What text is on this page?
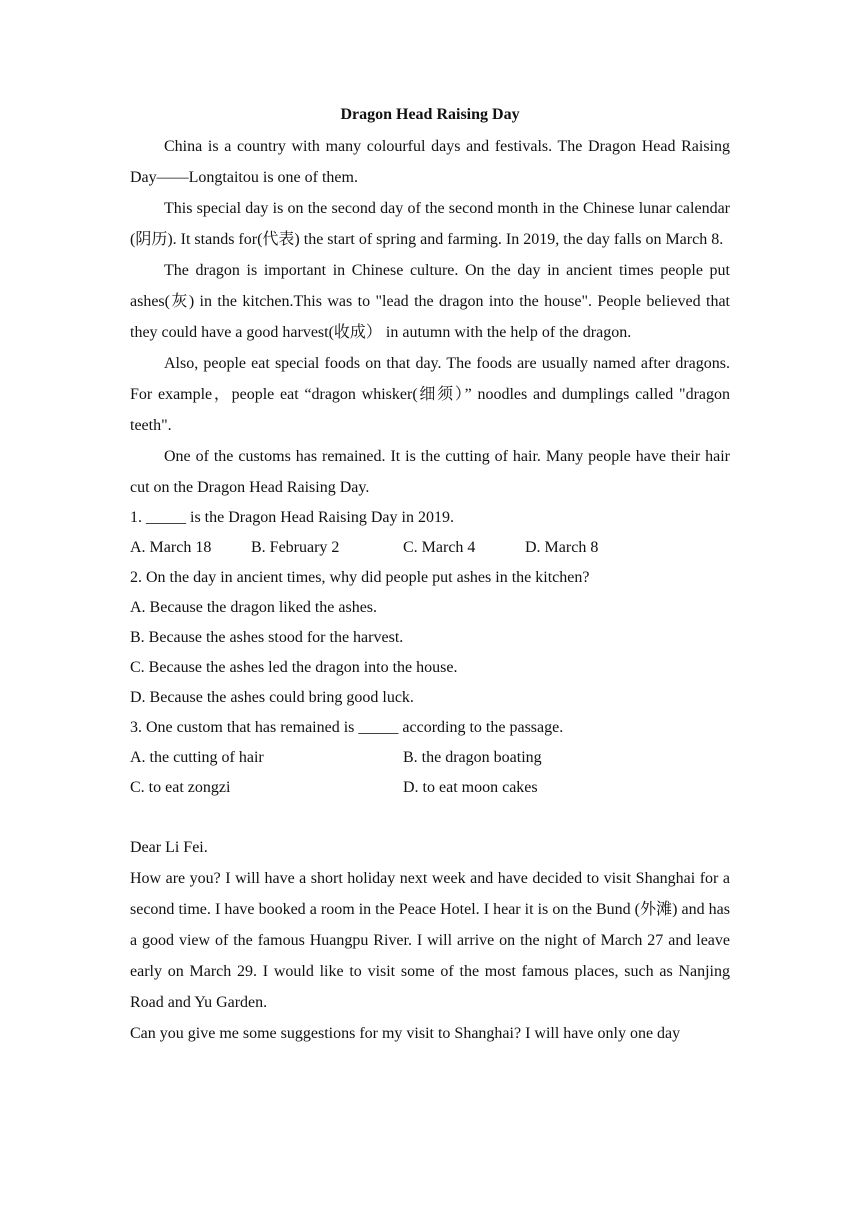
Dragon Head Raising Day

China is a country with many colourful days and festivals. The Dragon Head Raising Day——Longtaitou is one of them.

This special day is on the second day of the second month in the Chinese lunar calendar (阴历). It stands for(代表) the start of spring and farming. In 2019, the day falls on March 8.

The dragon is important in Chinese culture. On the day in ancient times people put ashes(灰) in the kitchen.This was to "lead the dragon into the house". People believed that they could have a good harvest(收成） in autumn with the help of the dragon.

Also, people eat special foods on that day. The foods are usually named after dragons. For example，people eat “dragon whisker(细须）” noodles and dumplings called "dragon teeth".

One of the customs has remained. It is the cutting of hair. Many people have their hair cut on the Dragon Head Raising Day.

1. _____ is the Dragon Head Raising Day in 2019.
A. March 18	B. February 2	C. March 4	D. March 8
2. On the day in ancient times, why did people put ashes in the kitchen?
A. Because the dragon liked the ashes.
B. Because the ashes stood for the harvest.
C. Because the ashes led the dragon into the house.
D. Because the ashes could bring good luck.
3. One custom that has remained is _____ according to the passage.
A. the cutting of hair	B. the dragon boating
C. to eat zongzi	D. to eat moon cakes
Dear Li Fei.

How are you? I will have a short holiday next week and have decided to visit Shanghai for a second time. I have booked a room in the Peace Hotel. I hear it is on the Bund (外滩) and has a good view of the famous Huangpu River. I will arrive on the night of March 27 and leave early on March 29. I would like to visit some of the most famous places, such as Nanjing Road and Yu Garden.

Can you give me some suggestions for my visit to Shanghai? I will have only one day
